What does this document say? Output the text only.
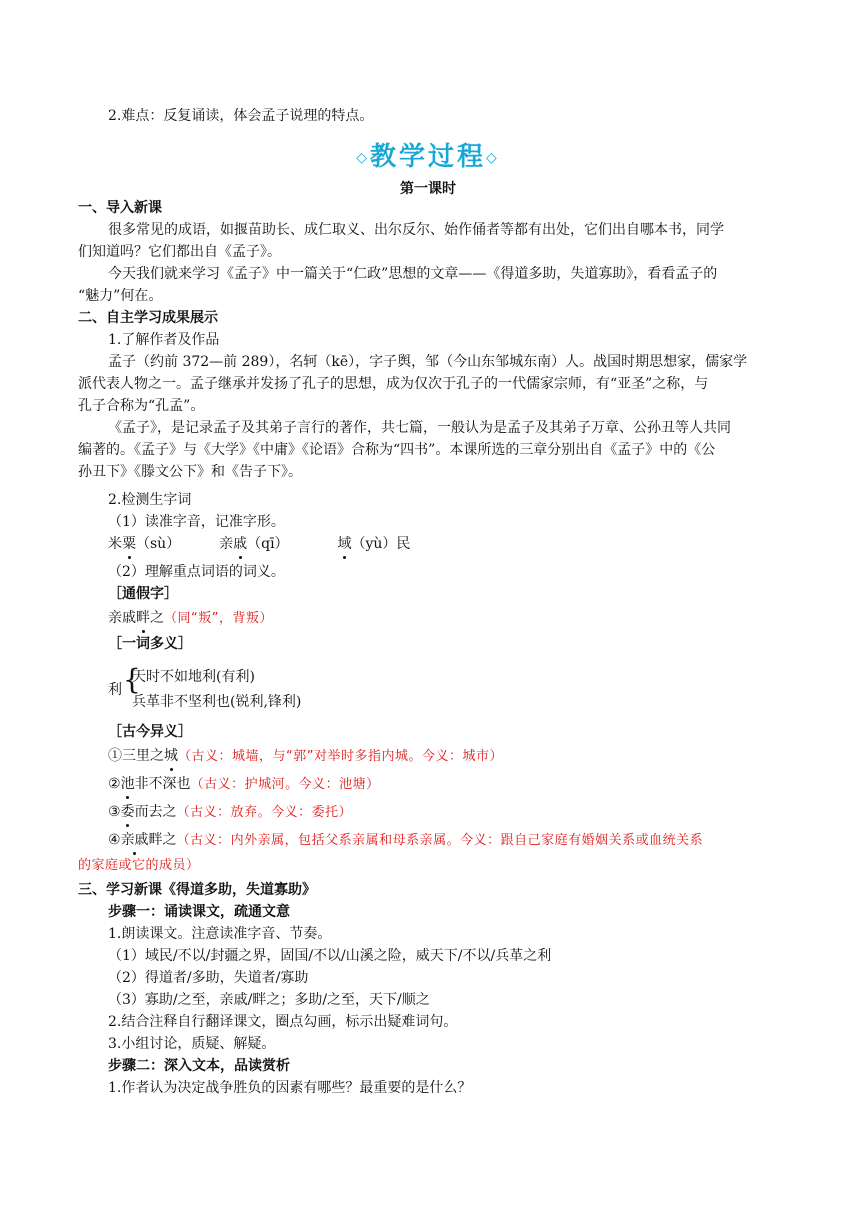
2.难点：反复诵读，体会孟子说理的特点。
◇教学过程◇
第一课时
一、导入新课
很多常见的成语，如揠苗助长、成仁取义、出尔反尔、始作俑者等都有出处，它们出自哪本书，同学
们知道吗？它们都出自《孟子》。
今天我们就来学习《孟子》中一篇关于“仁政”思想的文章——《得道多助，失道寡助》，看看孟子的
“魅力”何在。
二、自主学习成果展示
1.了解作者及作品
孟子（约前 372—前 289），名轲（kē），字子舆，邹（今山东邹城东南）人。战国时期思想家，儒家学
派代表人物之一。孟子继承并发扬了孔子的思想，成为仅次于孔子的一代儒家宗师，有“亚圣”之称，与
孔子合称为“孔孟”。
《孟子》，是记录孟子及其弟子言行的著作，共七篇，一般认为是孟子及其弟子万章、公孙丑等人共同
编著的。《孟子》与《大学》《中庸》《论语》合称为“四书”。本课所选的三章分别出自《孟子》中的《公
孙丑下》《滕文公下》和《告子下》。
2.检测生字词
（1）读准字音，记准字形。
米粟（sù）	亲戚（qī）	域（yù）民
（2）理解重点词语的词义。
［通假字］
亲戚畔之（同“叛”，背叛）
［一词多义］
利 {
天时不如地利(有利)
兵革非不坚利也(锐利,锋利)
［古今异义］
①三里之城（古义：城墙，与“郭”对举时多指内城。今义：城市）
②池非不深也（古义：护城河。今义：池塘）
③委而去之（古义：放弃。今义：委托）
④亲戚畔之（古义：内外亲属，包括父系亲属和母系亲属。今义：跟自己家庭有婚姻关系或血统关系
的家庭或它的成员）
三、学习新课《得道多助，失道寡助》
步骤一：诵读课文，疏通文意
1.朗读课文。注意读准字音、节奏。
（1）域民/不以/封疆之界，固国/不以/山溪之险，威天下/不以/兵革之利
（2）得道者/多助，失道者/寡助
（3）寡助/之至，亲戚/畔之；多助/之至，天下/顺之
2.结合注释自行翻译课文，圈点勾画，标示出疑难词句。
3.小组讨论，质疑、解疑。
步骤二：深入文本，品读赏析
1.作者认为决定战争胜负的因素有哪些？最重要的是什么？
